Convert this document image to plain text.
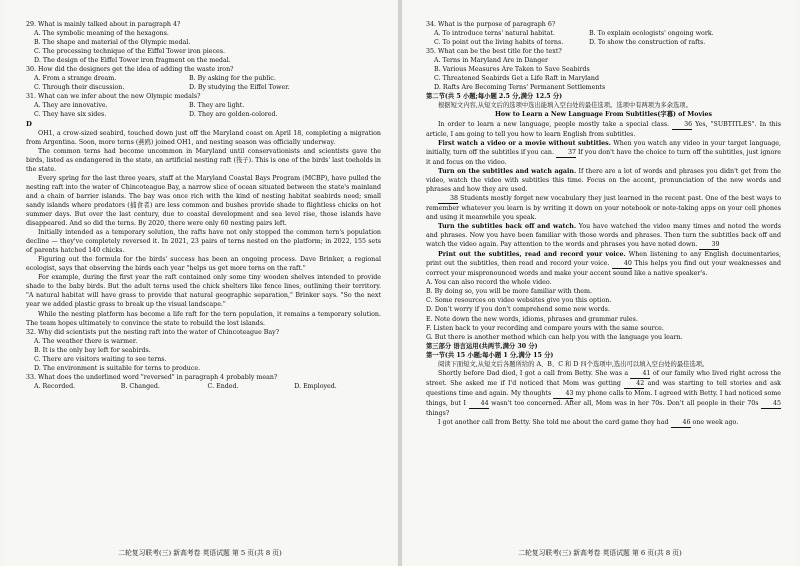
29. What is mainly talked about in paragraph 4?

A. The symbolic meaning of the hexagons.
B. The shape and material of the Olympic medal.
C. The processing technique of the Eiffel Tower iron pieces.
D. The design of the Eiffel Tower iron fragment on the medal.

30. How did the designers get the idea of adding the waste iron?

A. From a strange dream.	B. By asking for the public.
C. Through their discussion.	D. By studying the Eiffel Tower.

31. What can we infer about the new Olympic medals?

A. They are innovative.	B. They are light.
C. They have six sides.	D. They are golden-colored.

D

OH1, a crow-sized seabird, touched down just off the Maryland coast on April 18, completing a migration from Argentina. Soon, more terns (燕鸥) joined OH1, and nesting season was officially underway.

The common terns had become uncommon in Maryland until conservationists and scientists gave the birds, listed as endangered in the state, an artificial nesting raft (筏子). This is one of the birds' last toeholds in the state.

Every spring for the last three years, staff at the Maryland Coastal Bays Program (MCBP), have pulled the nesting raft into the water of Chincoteague Bay, a narrow slice of ocean situated between the state's mainland and a chain of barrier islands. The bay was once rich with the kind of nesting habitat seabirds need; small sandy islands where predators (捕食者) are less common and bushes provide shade to flightless chicks on hot summer days. But over the last century, due to coastal development and sea level rise, those islands have disappeared. And so did the terns. By 2020, there were only 60 nesting pairs left.

Initially intended as a temporary solution, the rafts have not only stopped the common tern's population decline — they've completely reversed it. In 2021, 23 pairs of terns nested on the platform; in 2022, 155 sets of parents hatched 140 chicks.

Figuring out the formula for the birds' success has been an ongoing process. Dave Brinker, a regional ecologist, says that observing the birds each year "helps us get more terns on the raft."

For example, during the first year the raft contained only some tiny wooden shelves intended to provide shade to the baby birds. But the adult terns used the chick shelters like fence lines, outlining their territory. "A natural habitat will have grass to provide that natural geographic separation," Brinker says. "So the next year we added plastic grass to break up the visual landscape."

While the nesting platform has become a life raft for the tern population, it remains a temporary solution. The team hopes ultimately to convince the state to rebuild the lost islands.

32. Why did scientists put the nesting raft into the water of Chincoteague Bay?

A. The weather there is warmer.
B. It is the only bay left for seabirds.
C. There are visitors waiting to see terns.
D. The environment is suitable for terns to produce.

33. What does the underlined word "reversed" in paragraph 4 probably mean?

A. Recorded.	B. Changed.	C. Ended.	D. Employed.
二轮复习联考(三) 新高考卷 英语试题 第 5 页(共 8 页)

34. What is the purpose of paragraph 6?

A. To introduce terns' natural habitat.	B. To explain ecologists' ongoing work.
C. To point out the living habits of terns.	D. To show the construction of rafts.

35. What can be the best title for the text?

A. Terns in Maryland Are in Danger
B. Various Measures Are Taken to Save Seabirds
C. Threatened Seabirds Get a Life Raft in Maryland
D. Rafts Are Becoming Terns' Permanent Settlements

第二节(共 5 小题;每小题 2.5 分,满分 12.5 分)

根据短文内容,从短文后的选项中选出能填入空白处的最佳选项。选项中有两项为多余选项。

How to Learn a New Language From Subtitles(字幕) of Movies

In order to learn a new language, people mostly take a special class. 36 Yes, "SUBTITLES". In this article, I am going to tell you how to learn English from subtitles.

First watch a video or a movie without subtitles. When you watch any video in your target language, initially, turn off the subtitles if you can. 37 If you don't have the choice to turn off the subtitles, just ignore it and focus on the video.

Turn on the subtitles and watch again. If there are a lot of words and phrases you didn't get from the video, watch the video with subtitles this time. Focus on the accent, pronunciation of the new words and phrases and how they are used.

38 Students mostly forget new vocabulary they just learned in the recent past. One of the best ways to remember whatever you learn is by writing it down on your notebook or note-taking apps on your cell phones and using it meanwhile you speak.

Turn the subtitles back off and watch. You have watched the video many times and noted the words and phrases. Now you have been familiar with those words and phrases. Then turn the subtitles back off and watch the video again. Pay attention to the words and phrases you have noted down. 39

Print out the subtitles, read and record your voice. When listening to any English documentaries, print out the subtitles, then read and record your voice. 40 This helps you find out your weaknesses and correct your mispronounced words and make your accent sound like a native speaker's.

A. You can also record the whole video.

B. By doing so, you will be more familiar with them.

C. Some resources on video websites give you this option.

D. Don't worry if you don't comprehend some new words.

E. Note down the new words, idioms, phrases and grammar rules.

F. Listen back to your recording and compare yours with the same source.

G. But there is another method which can help you with the language you learn.

第三部分 语言运用(共两节,满分 30 分)

第一节(共 15 小题;每小题 1 分,满分 15 分)

阅读下面短文,从短文后各题所给的 A、B、C 和 D 四个选项中,选出可以填入空白处的最佳选项。

Shortly before Dad died, I got a call from Betty. She was a 41 of our family who lived right across the street. She asked me if I'd noticed that Mom was getting 42 and was starting to tell stories and ask questions time and again. My thoughts 43 my phone calls to Mom. I agreed with Betty. I had noticed some things, but I 44 wasn't too concerned. After all, Mom was in her 70s. Don't all people in their 70s 45 things?

I got another call from Betty. She told me about the card game they had 46 one week ago.

二轮复习联考(三) 新高考卷 英语试题 第 6 页(共 8 页)
